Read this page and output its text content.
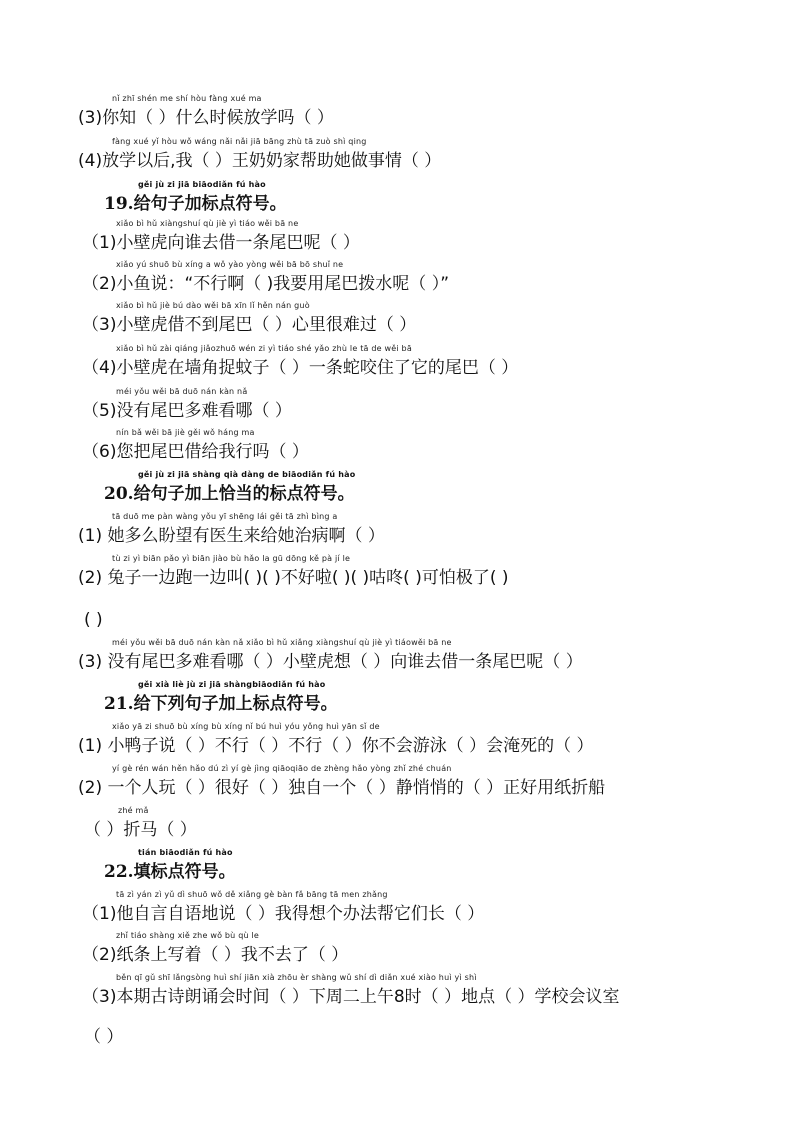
nǐ zhī shén me shí hòu fàng xué ma
(3)你知（ ）什么时候放学吗（ ）
fàng xué yǐ hòu wǒ wáng nǎi nǎi jiā bāng zhù tā zuò shì qing
(4)放学以后,我（ ）王奶奶家帮助她做事情（ ）
gěi jù zi jiā biāodiǎn fú hào
19.给句子加标点符号。
xiǎo bì hǔ xiàngshuí qù jiè yì tiáo wěi bā ne
（1)小壁虎向谁去借一条尾巴呢（ ）
xiǎo yú shuō bù xíng a wǒ yào yòng wěi bā bō shuǐ ne
（2)小鱼说：“不行啊（ )我要用尾巴拨水呢（ ）”
xiǎo bì hǔ jiè bú dào wěi bā xīn lǐ hěn nán guò
（3)小壁虎借不到尾巴（ ）心里很难过（ ）
xiǎo bì hǔ zài qiáng jiǎozhuō wén zi yì tiáo shé yǎo zhù le tā de wěi bā
（4)小壁虎在墙角捉蚊子（ ）一条蛇咬住了它的尾巴（ ）
méi yǒu wěi bā duō nán kàn nǎ
（5)没有尾巴多难看哪（ ）
nín bǎ wěi bā jiè gěi wǒ háng ma
（6)您把尾巴借给我行吗（ ）
gěi jù zi jiā shàng qià dàng de biāodiǎn fú hào
20.给句子加上恰当的标点符号。
tā duō me pàn wàng yǒu yī shēng lái gěi tā zhì bìng a
(1) 她多么盼望有医生来给她治病啊（ ）
tù zi yì biān pǎo yì biān jiào bù hǎo la gū dōng kě pà jí le
(2) 兔子一边跑一边叫( )( )不好啦( )( )咕咚( )可怕极了( )
( )
méi yǒu wěi bā duō nán kàn nǎ xiǎo bì hǔ xiǎng xiàngshuí qù jiè yì tiáowěi bā ne
(3) 没有尾巴多难看哪（ ）小壁虎想（ ）向谁去借一条尾巴呢（ ）
gěi xià liè jù zi jiā shàngbiāodiǎn fú hào
21.给下列句子加上标点符号。
xiǎo yā zi shuō bù xíng bù xíng nǐ bú huì yóu yǒng huì yān sǐ de
(1) 小鸭子说（ ）不行（ ）不行（ ）你不会游泳（ ）会淹死的（ ）
yí gè rén wán hěn hǎo dú zì yí gè jìng qiāoqiāo de zhèng hǎo yòng zhǐ zhé chuán
(2) 一个人玩（ ）很好（ ）独自一个（ ）静悄悄的（ ）正好用纸折船
zhé mǎ
（ ）折马（ ）
tián biāodiǎn fú hào
22.填标点符号。
tā zì yán zì yǔ dì shuō wǒ dě xiǎng gè bàn fǎ bāng tā men zhǎng
（1)他自言自语地说（ ）我得想个办法帮它们长（ ）
zhǐ tiáo shàng xiě zhe wǒ bù qù le
（2)纸条上写着（ ）我不去了（ ）
běn qī gǔ shī lǎngsòng huì shí jiān xià zhōu èr shàng wǔ shí dì diǎn xué xiào huì yì shì
（3)本期古诗朗诵会时间（ ）下周二上午8时（ ）地点（ ）学校会议室
（ ）
